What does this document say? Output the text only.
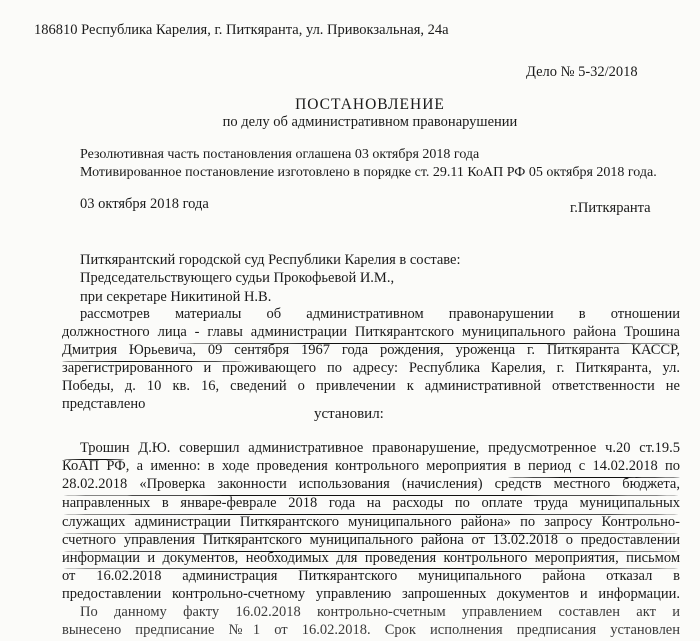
186810 Республика Карелия, г. Питкяранта, ул. Привокзальная, 24а
Дело № 5-32/2018
ПОСТАНОВЛЕНИЕ
по делу об административном правонарушении
Резолютивная часть постановления оглашена 03 октября 2018 года
Мотивированное постановление изготовлено в порядке ст. 29.11 КоАП РФ 05 октября 2018 года.
03 октября 2018 года	г.Питкяранта
Питкярантский городской суд Республики Карелия в составе:
Председательствующего судьи Прокофьевой И.М.,
при секретаре Никитиной Н.В.
рассмотрев материалы об административном правонарушении в отношении
должностного лица - главы администрации Питкярантского муниципального района Трошина
Дмитрия Юрьевича, 09 сентября 1967 года рождения, уроженца г. Питкяранта КАССР,
зарегистрированного и проживающего по адресу: Республика Карелия, г. Питкяранта, ул.
Победы, д. 10 кв. 16, сведений о привлечении к административной ответственности не
представлено
установил:
Трошин Д.Ю. совершил административное правонарушение, предусмотренное ч.20 ст.19.5
КоАП РФ, а именно: в ходе проведения контрольного мероприятия в период с 14.02.2018 по
28.02.2018 «Проверка законности использования (начисления) средств местного бюджета,
направленных в январе-феврале 2018 года на расходы по оплате труда муниципальных
служащих администрации Питкярантского муниципального района» по запросу Контрольно-
счетного управления Питкярантского муниципального района от 13.02.2018 о предоставлении
информации и документов, необходимых для проведения контрольного мероприятия, письмом
от 16.02.2018 администрация Питкярантского муниципального района отказал в
предоставлении контрольно-счетному управлению запрошенных документов и информации.
По данному факту 16.02.2018 контрольно-счетным управлением составлен акт и
вынесено предписание №1 от 16.02.2018. Срок исполнения предписания установлен
